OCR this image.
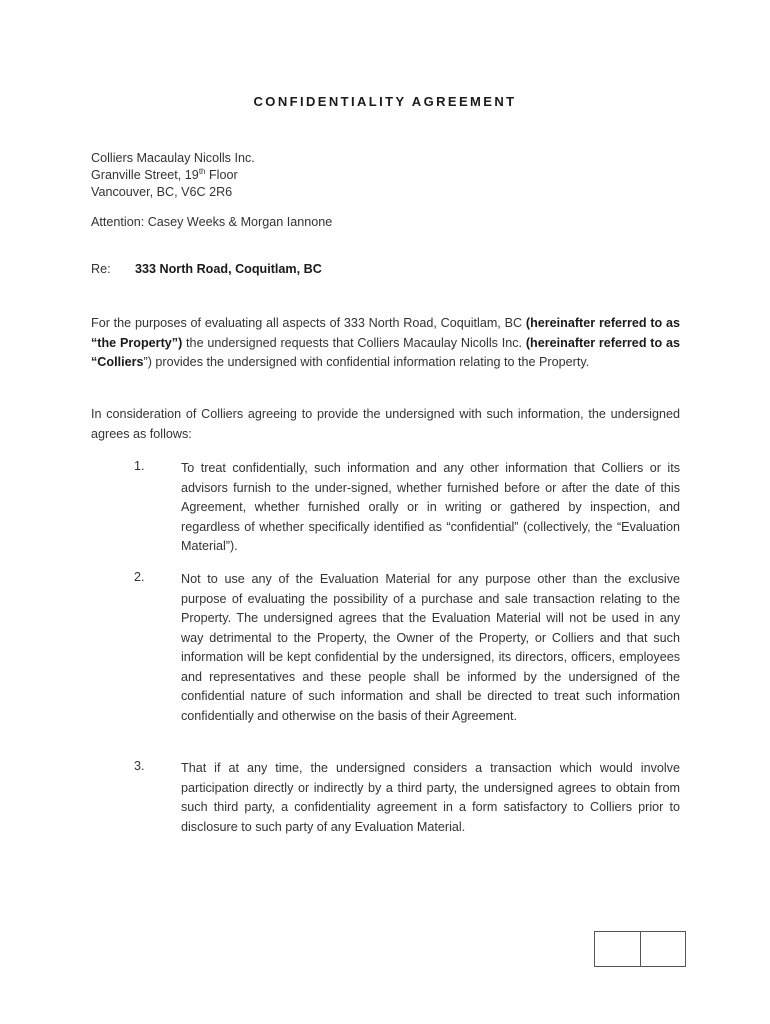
CONFIDENTIALITY AGREEMENT
Colliers Macaulay Nicolls Inc.
Granville Street, 19th Floor
Vancouver, BC, V6C 2R6
Attention: Casey Weeks & Morgan Iannone
Re: 333 North Road, Coquitlam, BC
For the purposes of evaluating all aspects of 333 North Road, Coquitlam, BC (hereinafter referred to as “the Property”) the undersigned requests that Colliers Macaulay Nicolls Inc. (hereinafter referred to as “Colliers”) provides the undersigned with confidential information relating to the Property.
In consideration of Colliers agreeing to provide the undersigned with such information, the undersigned agrees as follows:
1.	To treat confidentially, such information and any other information that Colliers or its advisors furnish to the under-signed, whether furnished before or after the date of this Agreement, whether furnished orally or in writing or gathered by inspection, and regardless of whether specifically identified as “confidential” (collectively, the “Evaluation Material”).
2.	Not to use any of the Evaluation Material for any purpose other than the exclusive purpose of evaluating the possibility of a purchase and sale transaction relating to the Property. The undersigned agrees that the Evaluation Material will not be used in any way detrimental to the Property, the Owner of the Property, or Colliers and that such information will be kept confidential by the undersigned, its directors, officers, employees and representatives and these people shall be informed by the undersigned of the confidential nature of such information and shall be directed to treat such information confidentially and otherwise on the basis of their Agreement.
3.	That if at any time, the undersigned considers a transaction which would involve participation directly or indirectly by a third party, the undersigned agrees to obtain from such third party, a confidentiality agreement in a form satisfactory to Colliers prior to disclosure to such party of any Evaluation Material.
